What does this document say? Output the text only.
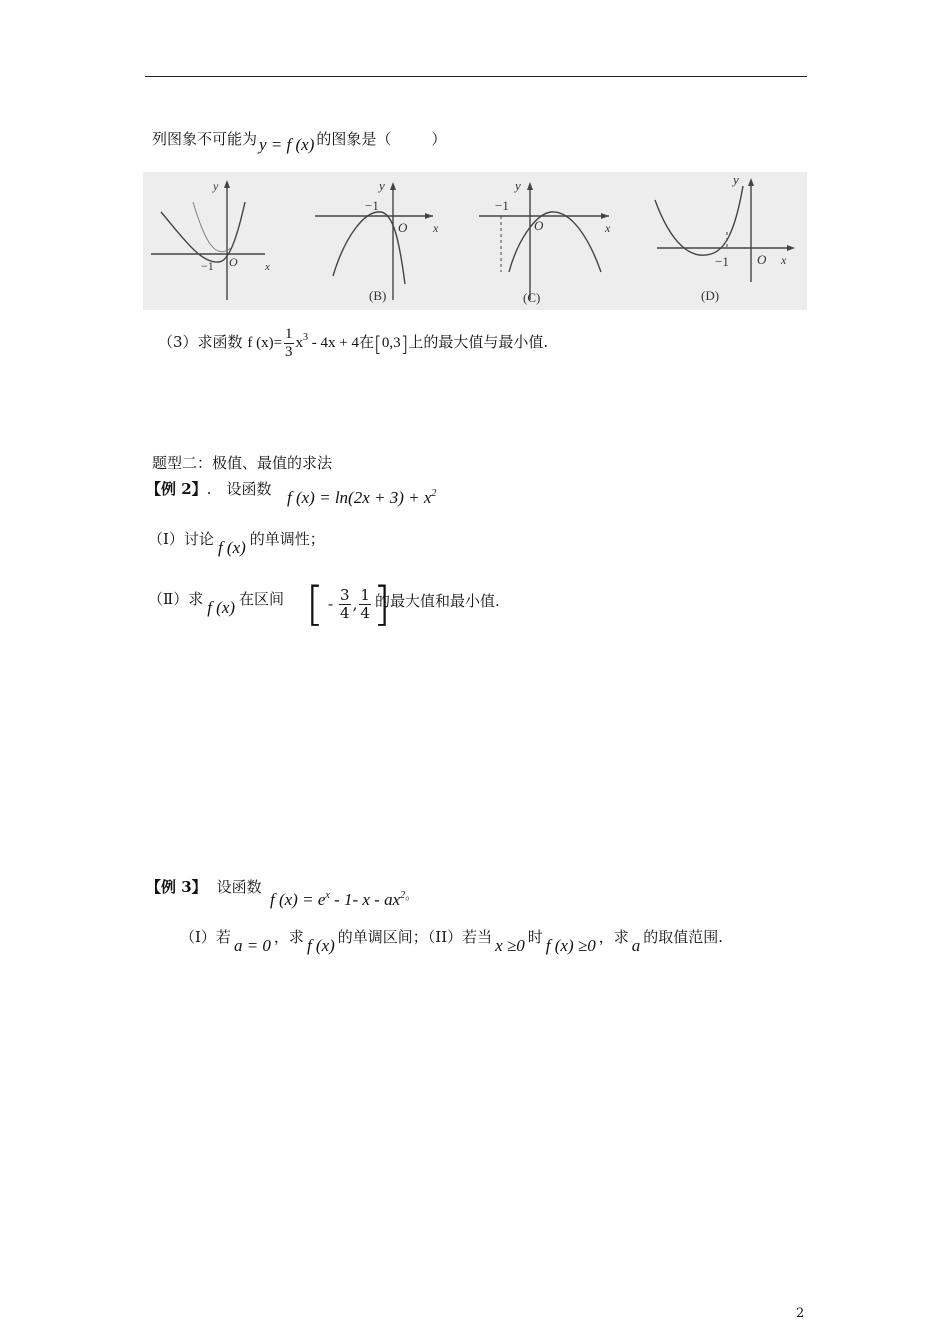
列图象不可能为 y = f (x) 的图象是（	）
y
x
O
−1
y
x
O
−1
(B)
y
x
O
−1
(C)
y
x
O
−1
(D)
（3）求函数 f $(x)= \frac{1}{3} x^3 - 4x + 4$在[0,3]上的最大值与最小值.
题型二：极值、最值的求法
【例 2】.　设函数 f $(x) = \ln(2x + 3) + x^2$
（Ⅰ）讨论 f (x) 的单调性；
（Ⅱ）求 f (x) 在区间 [ - $\frac{3}{4}$ , $\frac{1}{4}$ ]
的最大值和最小值.
【例 3】 设函数
f $(x) = e^x - 1-$ x - $ax^{2。}$
（I）若 a = 0 ，求 f (x) 的单调区间；（II）若当 x ≥0 时 f (x) ≥0 ，求 a 的取值范围.
2
